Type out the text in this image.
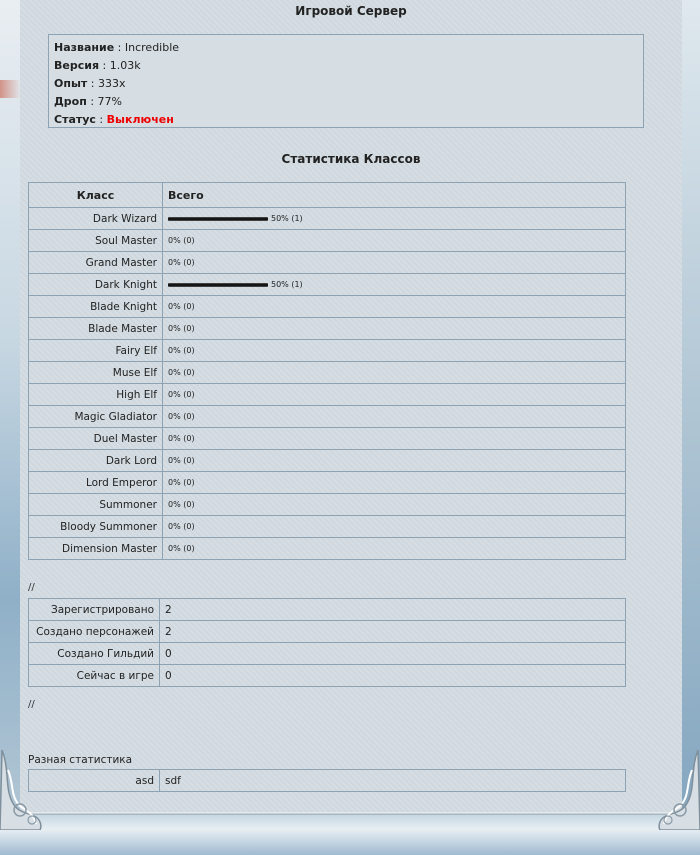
Игровой Сервер
Название : Incredible
Версия : 1.03k
Опыт : 333x
Дроп : 77%
Статус : Выключен
Статистика Классов
Класс	Всего
Dark Wizard	50% (1)

Soul Master	0% (0)

Grand Master	0% (0)

Dark Knight	50% (1)

Blade Knight	0% (0)

Blade Master	0% (0)

Fairy Elf	0% (0)

Muse Elf	0% (0)

High Elf	0% (0)

Magic Gladiator	0% (0)

Duel Master	0% (0)

Dark Lord	0% (0)

Lord Emperor	0% (0)

Summoner	0% (0)

Bloody Summoner	0% (0)

Dimension Master	0% (0)
//
Зарегистрировано	2
Создано персонажей	2
Создано Гильдий	0
Сейчас в игре	0
//
Разная статистика
asd	sdf
